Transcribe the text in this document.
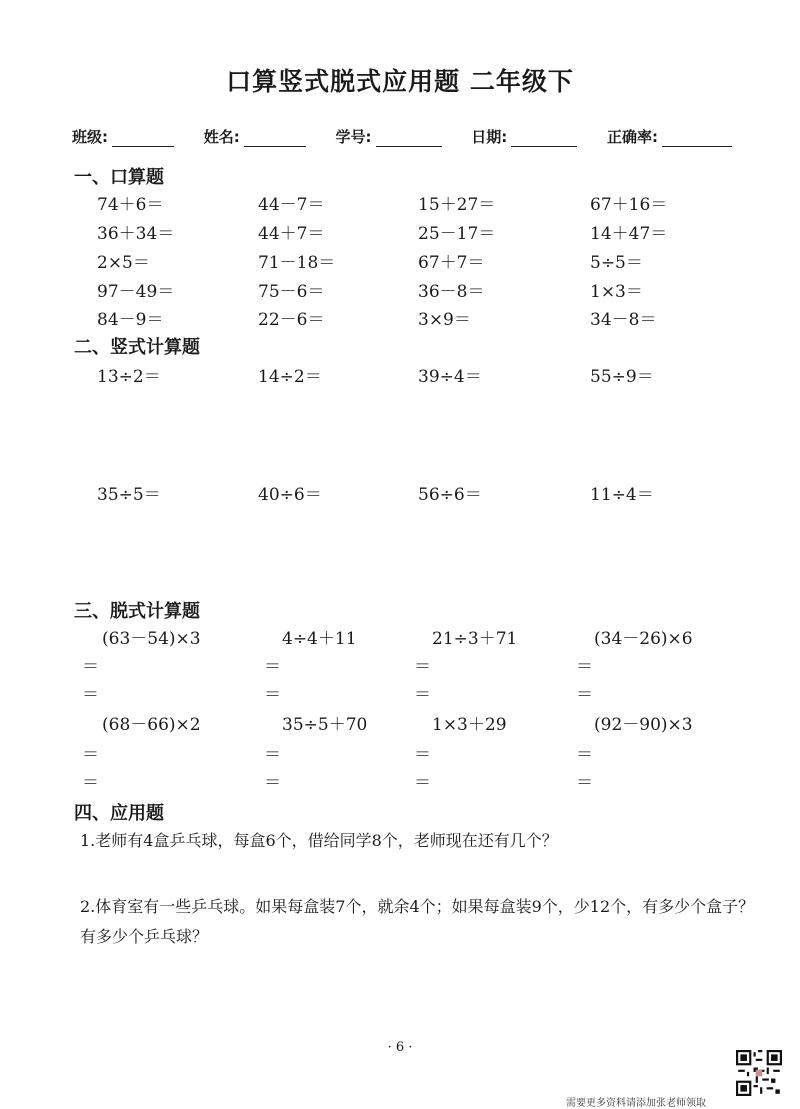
口算竖式脱式应用题 二年级下
班级:	姓名:	学号:	日期:	正确率:
一、口算题
74＋6＝	44－7＝	15＋27＝	67＋16＝
36＋34＝	44＋7＝	25－17＝	14＋47＝
2×5＝	71－18＝	67＋7＝	5÷5＝
97－49＝	75－6＝	36－8＝	1×3＝
84－9＝	22－6＝	3×9＝	34－8＝
二、竖式计算题
13÷2＝	14÷2＝	39÷4＝	55÷9＝
35÷5＝	40÷6＝	56÷6＝	11÷4＝
三、脱式计算题
(63－54)×3	4÷4＋11	21÷3＋71	(34－26)×6
＝	＝	＝	＝
＝	＝	＝	＝
(68－66)×2	35÷5＋70	1×3＋29	(92－90)×3
＝	＝	＝	＝
＝	＝	＝	＝
四、应用题
1.老师有4盒乒乓球，每盒6个，借给同学8个，老师现在还有几个？
2.体育室有一些乒乓球。如果每盒装7个，就余4个；如果每盒装9个，少12个，有多少个盒子？有多少个乒乓球？
· 6 ·
需要更多资料请添加张老师领取
